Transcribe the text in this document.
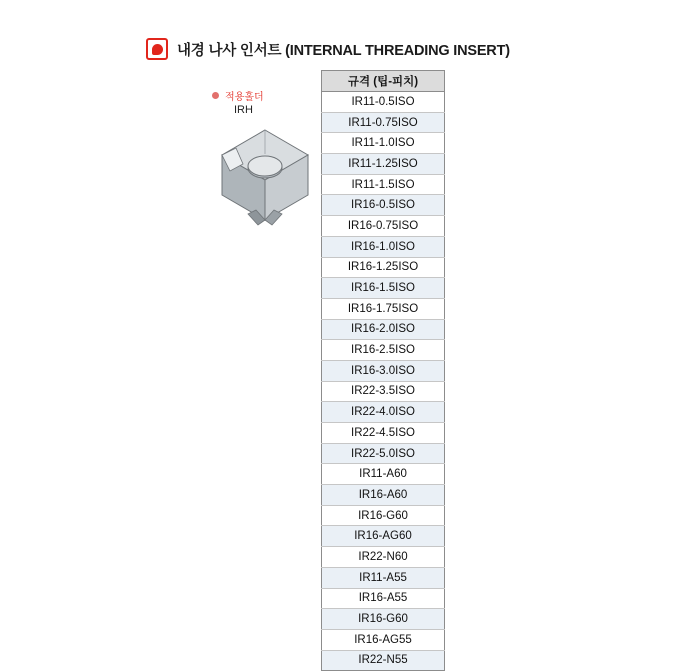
내경 나사 인서트 (INTERNAL THREADING INSERT)
적용홀더
IRH
규격 (팁-피치)
IR11-0.5ISO
IR11-0.75ISO
IR11-1.0ISO
IR11-1.25ISO
IR11-1.5ISO
IR16-0.5ISO
IR16-0.75ISO
IR16-1.0ISO
IR16-1.25ISO
IR16-1.5ISO
IR16-1.75ISO
IR16-2.0ISO
IR16-2.5ISO
IR16-3.0ISO
IR22-3.5ISO
IR22-4.0ISO
IR22-4.5ISO
IR22-5.0ISO
IR11-A60
IR16-A60
IR16-G60
IR16-AG60
IR22-N60
IR11-A55
IR16-A55
IR16-G60
IR16-AG55
IR22-N55
